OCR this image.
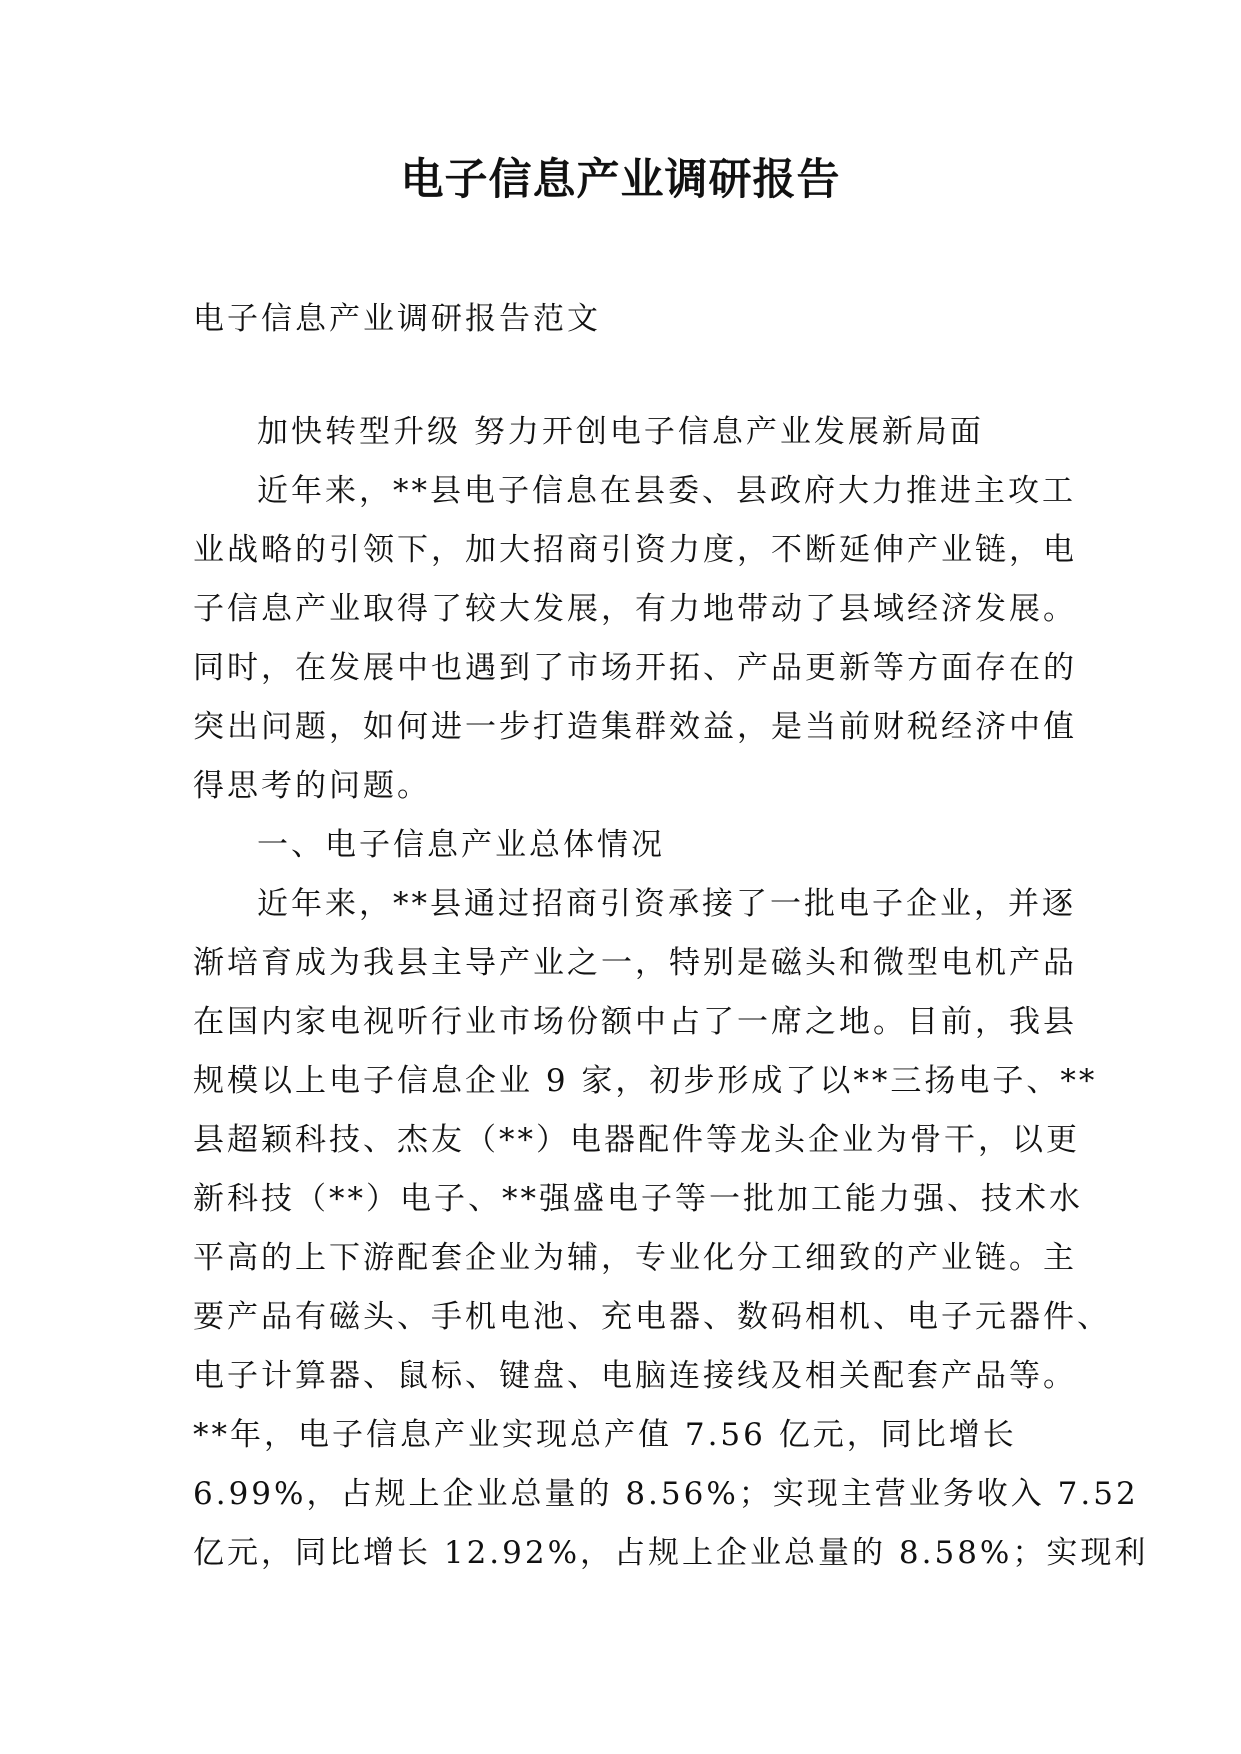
电子信息产业调研报告

电子信息产业调研报告范文

加快转型升级 努力开创电子信息产业发展新局面
近年来，**县电子信息在县委、县政府大力推进主攻工
业战略的引领下，加大招商引资力度，不断延伸产业链，电
子信息产业取得了较大发展，有力地带动了县域经济发展。
同时，在发展中也遇到了市场开拓、产品更新等方面存在的
突出问题，如何进一步打造集群效益，是当前财税经济中值
得思考的问题。
一、电子信息产业总体情况
近年来，**县通过招商引资承接了一批电子企业，并逐
渐培育成为我县主导产业之一，特别是磁头和微型电机产品
在国内家电视听行业市场份额中占了一席之地。目前，我县
规模以上电子信息企业 9 家，初步形成了以**三扬电子、**
县超颖科技、杰友（**）电器配件等龙头企业为骨干，以更
新科技（**）电子、**强盛电子等一批加工能力强、技术水
平高的上下游配套企业为辅，专业化分工细致的产业链。主
要产品有磁头、手机电池、充电器、数码相机、电子元器件、
电子计算器、鼠标、键盘、电脑连接线及相关配套产品等。
**年，电子信息产业实现总产值 7.56 亿元，同比增长
6.99%，占规上企业总量的 8.56%；实现主营业务收入 7.52
亿元，同比增长 12.92%，占规上企业总量的 8.58%；实现利
